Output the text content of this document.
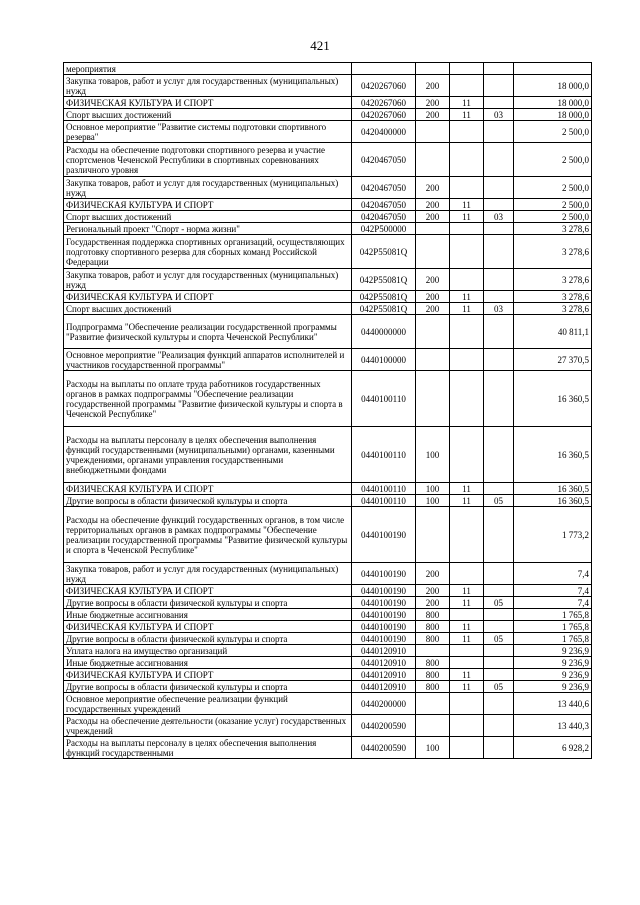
421
мероприятия					
Закупка товаров, работ и услуг для государственных (муниципальных) нужд	0420267060	200			18 000,0
ФИЗИЧЕСКАЯ КУЛЬТУРА И СПОРТ	0420267060	200	11		18 000,0
Спорт высших достижений	0420267060	200	11	03	18 000,0
Основное мероприятие "Развитие системы подготовки спортивного резерва"	0420400000				2 500,0
Расходы на обеспечение подготовки спортивного резерва и участие спортсменов Чеченской Республики в спортивных соревнованиях различного уровня	0420467050				2 500,0
Закупка товаров, работ и услуг для государственных (муниципальных) нужд	0420467050	200			2 500,0
ФИЗИЧЕСКАЯ КУЛЬТУРА И СПОРТ	0420467050	200	11		2 500,0
Спорт высших достижений	0420467050	200	11	03	2 500,0
Региональный проект "Спорт - норма жизни"	042P500000				3 278,6
Государственная поддержка спортивных организаций, осуществляющих подготовку спортивного резерва для сборных команд Российской Федерации	042P55081Q				3 278,6
Закупка товаров, работ и услуг для государственных (муниципальных) нужд	042P55081Q	200			3 278,6
ФИЗИЧЕСКАЯ КУЛЬТУРА И СПОРТ	042P55081Q	200	11		3 278,6
Спорт высших достижений	042P55081Q	200	11	03	3 278,6
Подпрограмма "Обеспечение реализации государственной программы "Развитие физической культуры и спорта Чеченской Республики"	0440000000				40 811,1
Основное мероприятие "Реализация функций аппаратов исполнителей и участников государственной программы"	0440100000				27 370,5
Расходы на выплаты по оплате труда работников государственных органов в рамках подпрограммы "Обеспечение реализации государственной программы "Развитие физической культуры и спорта в Чеченской Республике"	0440100110				16 360,5
Расходы на выплаты персоналу в целях обеспечения выполнения функций государственными (муниципальными) органами, казенными учреждениями, органами управления государственными внебюджетными фондами	0440100110	100			16 360,5
ФИЗИЧЕСКАЯ КУЛЬТУРА И СПОРТ	0440100110	100	11		16 360,5
Другие вопросы в области физической культуры и спорта	0440100110	100	11	05	16 360,5
Расходы на обеспечение функций государственных органов, в том числе территориальных органов в рамках подпрограммы "Обеспечение реализации государственной программы "Развитие физической культуры и спорта в Чеченской Республике"	0440100190				1 773,2
Закупка товаров, работ и услуг для государственных (муниципальных) нужд	0440100190	200			7,4
ФИЗИЧЕСКАЯ КУЛЬТУРА И СПОРТ	0440100190	200	11		7,4
Другие вопросы в области физической культуры и спорта	0440100190	200	11	05	7,4
Иные бюджетные ассигнования	0440100190	800			1 765,8
ФИЗИЧЕСКАЯ КУЛЬТУРА И СПОРТ	0440100190	800	11		1 765,8
Другие вопросы в области физической культуры и спорта	0440100190	800	11	05	1 765,8
Уплата налога на имущество организаций	0440120910				9 236,9
Иные бюджетные ассигнования	0440120910	800			9 236,9
ФИЗИЧЕСКАЯ КУЛЬТУРА И СПОРТ	0440120910	800	11		9 236,9
Другие вопросы в области физической культуры и спорта	0440120910	800	11	05	9 236,9
Основное мероприятие обеспечение реализации функций государственных учреждений	0440200000				13 440,6
Расходы на обеспечение деятельности (оказание услуг) государственных учреждений	0440200590				13 440,3
Расходы на выплаты персоналу в целях обеспечения выполнения функций государственными	0440200590	100			6 928,2
